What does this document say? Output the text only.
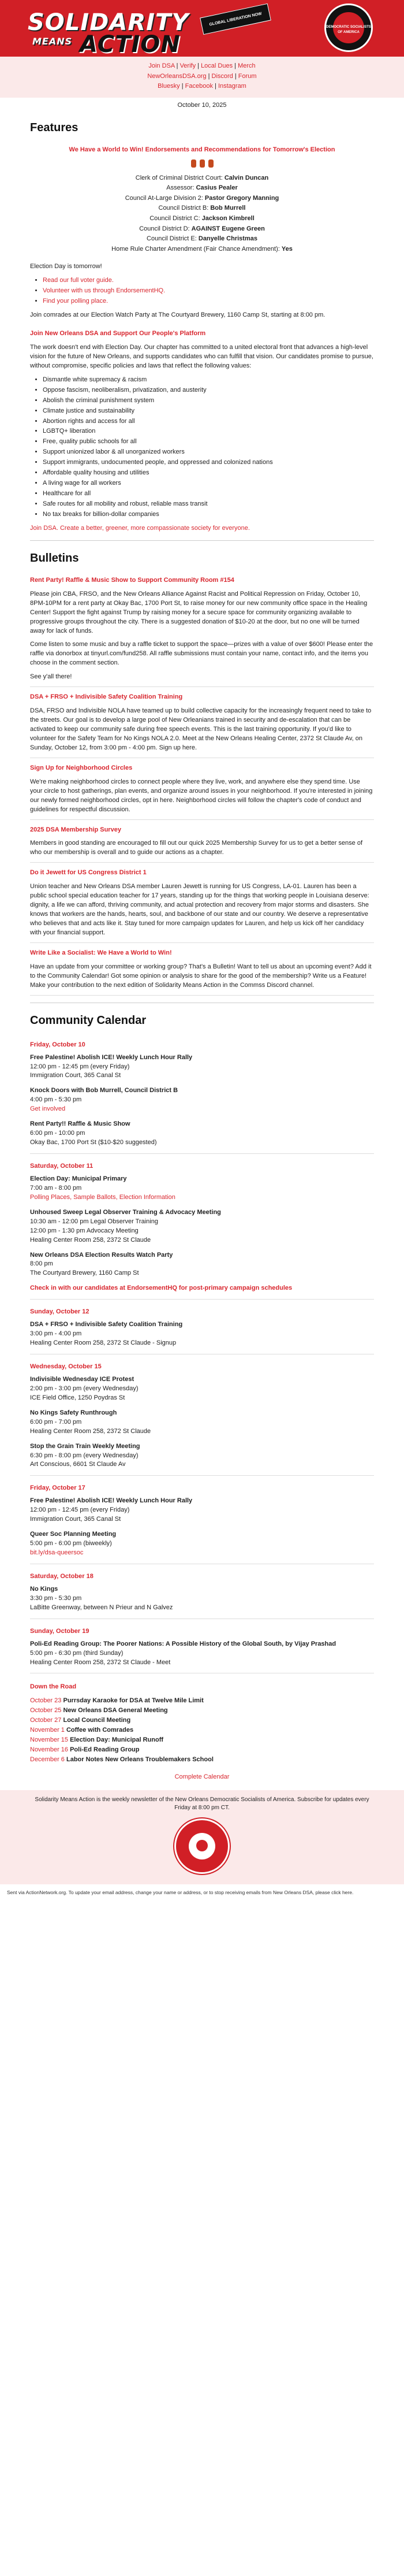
SOLIDARITY
MEANS ACTION
GLOBAL LIBERATION NOW
DEMOCRATIC SOCIALISTS OF AMERICA
Join DSA | Verify | Local Dues | Merch
NewOrleansDSA.org | Discord | Forum
Bluesky | Facebook | Instagram
October 10, 2025
Features
We Have a World to Win! Endorsements and Recommendations for Tomorrow's Election
Clerk of Criminal District Court: Calvin Duncan
Assessor: Casius Pealer
Council At-Large Division 2: Pastor Gregory Manning
Council District B: Bob Murrell
Council District C: Jackson Kimbrell
Council District D: AGAINST Eugene Green
Council District E: Danyelle Christmas
Home Rule Charter Amendment (Fair Chance Amendment): Yes

Election Day is tomorrow!

• Read our full voter guide.
• Volunteer with us through EndorsementHQ.
• Find your polling place.

Join comrades at our Election Watch Party at The Courtyard Brewery, 1160 Camp St, starting at 8:00 pm.

Join New Orleans DSA and Support Our People's Platform

The work doesn't end with Election Day. Our chapter has committed to a united electoral front that advances a high-level vision for the future of New Orleans, and supports candidates who can fulfill that vision. Our candidates promise to pursue, without compromise, specific policies and laws that reflect the following values:

• Dismantle white supremacy & racism
• Oppose fascism, neoliberalism, privatization, and austerity
• Abolish the criminal punishment system
• Climate justice and sustainability
• Abortion rights and access for all
• LGBTQ+ liberation
• Free, quality public schools for all
• Support unionized labor & all unorganized workers
• Support immigrants, undocumented people, and oppressed and colonized nations
• Affordable quality housing and utilities
• A living wage for all workers
• Healthcare for all
• Safe routes for all mobility and robust, reliable mass transit
• No tax breaks for billion-dollar companies

Join DSA. Create a better, greener, more compassionate society for everyone.

Bulletins
Rent Party! Raffle & Music Show to Support Community Room #154

Please join CBA, FRSO, and the New Orleans Alliance Against Racist and Political Repression on Friday, October 10, 8PM-10PM for a rent party at Okay Bac, 1700 Port St, to raise money for our new community office space in the Healing Center! Support the fight against Trump by raising money for a secure space for community organizing available to progressive groups throughout the city. There is a suggested donation of $10-20 at the door, but no one will be turned away for lack of funds.

Come listen to some music and buy a raffle ticket to support the space—prizes with a value of over $600! Please enter the raffle via donorbox at tinyurl.com/fund258. All raffle submissions must contain your name, contact info, and the items you choose in the comment section.

See y'all there!

DSA + FRSO + Indivisible Safety Coalition Training

DSA, FRSO and Indivisible NOLA have teamed up to build collective capacity for the increasingly frequent need to take to the streets. Our goal is to develop a large pool of New Orleanians trained in security and de-escalation that can be activated to keep our community safe during free speech events. This is the last training opportunity. If you'd like to volunteer for the Safety Team for No Kings NOLA 2.0. Meet at the New Orleans Healing Center, 2372 St Claude Av, on Sunday, October 12, from 3:00 pm - 4:00 pm. Sign up here.

Sign Up for Neighborhood Circles

We're making neighborhood circles to connect people where they live, work, and anywhere else they spend time. Use your circle to host gatherings, plan events, and organize around issues in your neighborhood. If you're interested in joining our newly formed neighborhood circles, opt in here. Neighborhood circles will follow the chapter's code of conduct and guidelines for respectful discussion.

2025 DSA Membership Survey

Members in good standing are encouraged to fill out our quick 2025 Membership Survey for us to get a better sense of who our membership is overall and to guide our actions as a chapter.

Do it Jewett for US Congress District 1

Union teacher and New Orleans DSA member Lauren Jewett is running for US Congress, LA-01. Lauren has been a public school special education teacher for 17 years, standing up for the things that working people in Louisiana deserve: dignity, a life we can afford, thriving community, and actual protection and recovery from major storms and disasters. She knows that workers are the hands, hearts, soul, and backbone of our state and our country. We deserve a representative who believes that and acts like it. Stay tuned for more campaign updates for Lauren, and help us kick off her candidacy with your financial support.

Write Like a Socialist: We Have a World to Win!

Have an update from your committee or working group? That's a Bulletin! Want to tell us about an upcoming event? Add it to the Community Calendar! Got some opinion or analysis to share for the good of the membership? Write us a Feature! Make your contribution to the next edition of Solidarity Means Action in the Commss Discord channel.

Community Calendar
Friday, October 10
Free Palestine! Abolish ICE! Weekly Lunch Hour Rally
12:00 pm - 12:45 pm (every Friday)
Immigration Court, 365 Canal St
Knock Doors with Bob Murrell, Council District B
4:00 pm - 5:30 pm
Get involved
Rent Party!! Raffle & Music Show
6:00 pm - 10:00 pm
Okay Bac, 1700 Port St ($10-$20 suggested)
Saturday, October 11
Election Day: Municipal Primary
7:00 am - 8:00 pm
Polling Places, Sample Ballots, Election Information
Unhoused Sweep Legal Observer Training & Advocacy Meeting
10:30 am - 12:00 pm Legal Observer Training
12:00 pm - 1:30 pm Advocacy Meeting
Healing Center Room 258, 2372 St Claude
New Orleans DSA Election Results Watch Party
8:00 pm
The Courtyard Brewery, 1160 Camp St
Check in with our candidates at EndorsementHQ for post-primary campaign schedules
Sunday, October 12
DSA + FRSO + Indivisible Safety Coalition Training
3:00 pm - 4:00 pm
Healing Center Room 258, 2372 St Claude - Signup
Wednesday, October 15
Indivisible Wednesday ICE Protest
2:00 pm - 3:00 pm (every Wednesday)
ICE Field Office, 1250 Poydras St
No Kings Safety Runthrough
6:00 pm - 7:00 pm
Healing Center Room 258, 2372 St Claude
Stop the Grain Train Weekly Meeting
6:30 pm - 8:00 pm (every Wednesday)
Art Conscious, 6601 St Claude Av
Friday, October 17
Free Palestine! Abolish ICE! Weekly Lunch Hour Rally
12:00 pm - 12:45 pm (every Friday)
Immigration Court, 365 Canal St
Queer Soc Planning Meeting
5:00 pm - 6:00 pm (biweekly)
bit.ly/dsa-queersoc
Saturday, October 18
No Kings
3:30 pm - 5:30 pm
LaBitte Greenway, between N Prieur and N Galvez
Sunday, October 19
Poli-Ed Reading Group: The Poorer Nations: A Possible History of the Global South, by Vijay Prashad
5:00 pm - 6:30 pm (third Sunday)
Healing Center Room 258, 2372 St Claude - Meet
Down the Road
October 23 Purrsday Karaoke for DSA at Twelve Mile Limit
October 25 New Orleans DSA General Meeting
October 27 Local Council Meeting
November 1 Coffee with Comrades
November 15 Election Day: Municipal Runoff
November 16 Poli-Ed Reading Group
December 6 Labor Notes New Orleans Troublemakers School

Complete Calendar

Solidarity Means Action is the weekly newsletter of the New Orleans Democratic Socialists of America. Subscribe for updates every Friday at 8:00 pm CT.
Sent via ActionNetwork.org. To update your email address, change your name or address, or to stop receiving emails from New Orleans DSA, please click here.
